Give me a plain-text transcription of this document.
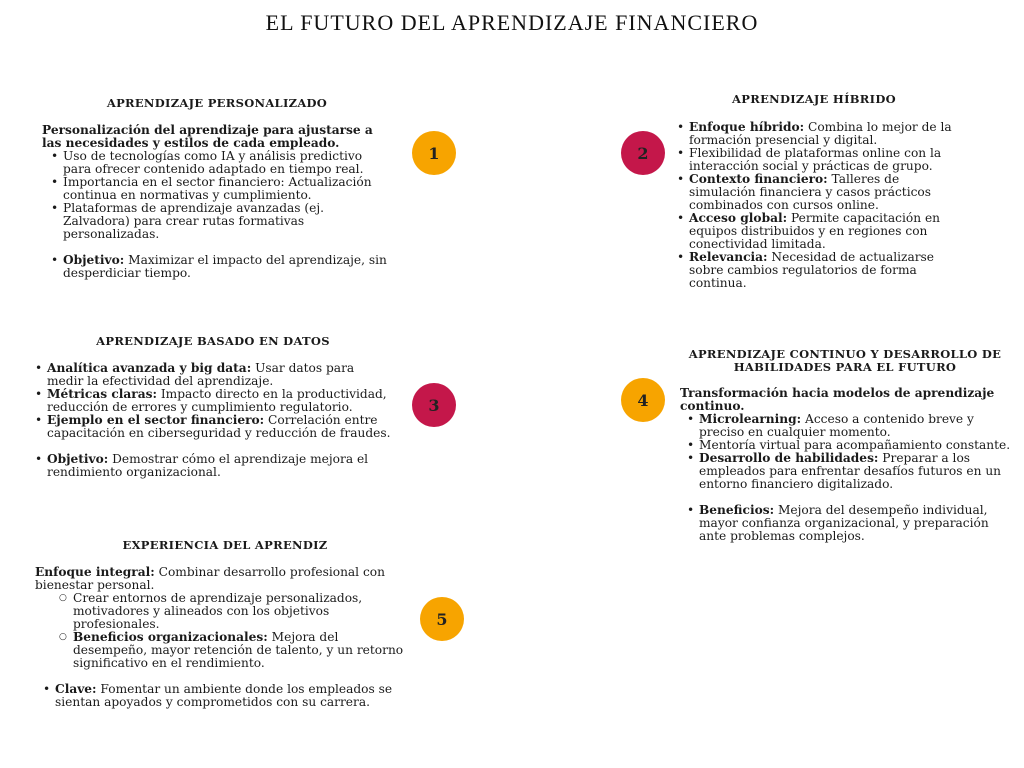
EL FUTURO DEL APRENDIZAJE FINANCIERO
APRENDIZAJE PERSONALIZADO
Personalización del aprendizaje para ajustarse a las necesidades y estilos de cada empleado.
• Uso de tecnologías como IA y análisis predictivo para ofrecer contenido adaptado en tiempo real.
• Importancia en el sector financiero: Actualización continua en normativas y cumplimiento.
• Plataformas de aprendizaje avanzadas (ej. Zalvadora) para crear rutas formativas personalizadas.
• Objetivo: Maximizar el impacto del aprendizaje, sin desperdiciar tiempo.
APRENDIZAJE HÍBRIDO
• Enfoque híbrido: Combina lo mejor de la formación presencial y digital.
• Flexibilidad de plataformas online con la interacción social y prácticas de grupo.
• Contexto financiero: Talleres de simulación financiera y casos prácticos combinados con cursos online.
• Acceso global: Permite capacitación en equipos distribuidos y en regiones con conectividad limitada.
• Relevancia: Necesidad de actualizarse sobre cambios regulatorios de forma continua.
APRENDIZAJE BASADO EN DATOS
• Analítica avanzada y big data: Usar datos para medir la efectividad del aprendizaje.
• Métricas claras: Impacto directo en la productividad, reducción de errores y cumplimiento regulatorio.
• Ejemplo en el sector financiero: Correlación entre capacitación en ciberseguridad y reducción de fraudes.
• Objetivo: Demostrar cómo el aprendizaje mejora el rendimiento organizacional.
APRENDIZAJE CONTINUO Y DESARROLLO DE HABILIDADES PARA EL FUTURO
Transformación hacia modelos de aprendizaje continuo.
• Microlearning: Acceso a contenido breve y preciso en cualquier momento.
• Mentoría virtual para acompañamiento constante.
• Desarrollo de habilidades: Preparar a los empleados para enfrentar desafíos futuros en un entorno financiero digitalizado.
• Beneficios: Mejora del desempeño individual, mayor confianza organizacional, y preparación ante problemas complejos.
EXPERIENCIA DEL APRENDIZ
Enfoque integral: Combinar desarrollo profesional con bienestar personal.
○ Crear entornos de aprendizaje personalizados, motivadores y alineados con los objetivos profesionales.
○ Beneficios organizacionales: Mejora del desempeño, mayor retención de talento, y un retorno significativo en el rendimiento.
• Clave: Fomentar un ambiente donde los empleados se sientan apoyados y comprometidos con su carrera.
1	2
3	4
5
